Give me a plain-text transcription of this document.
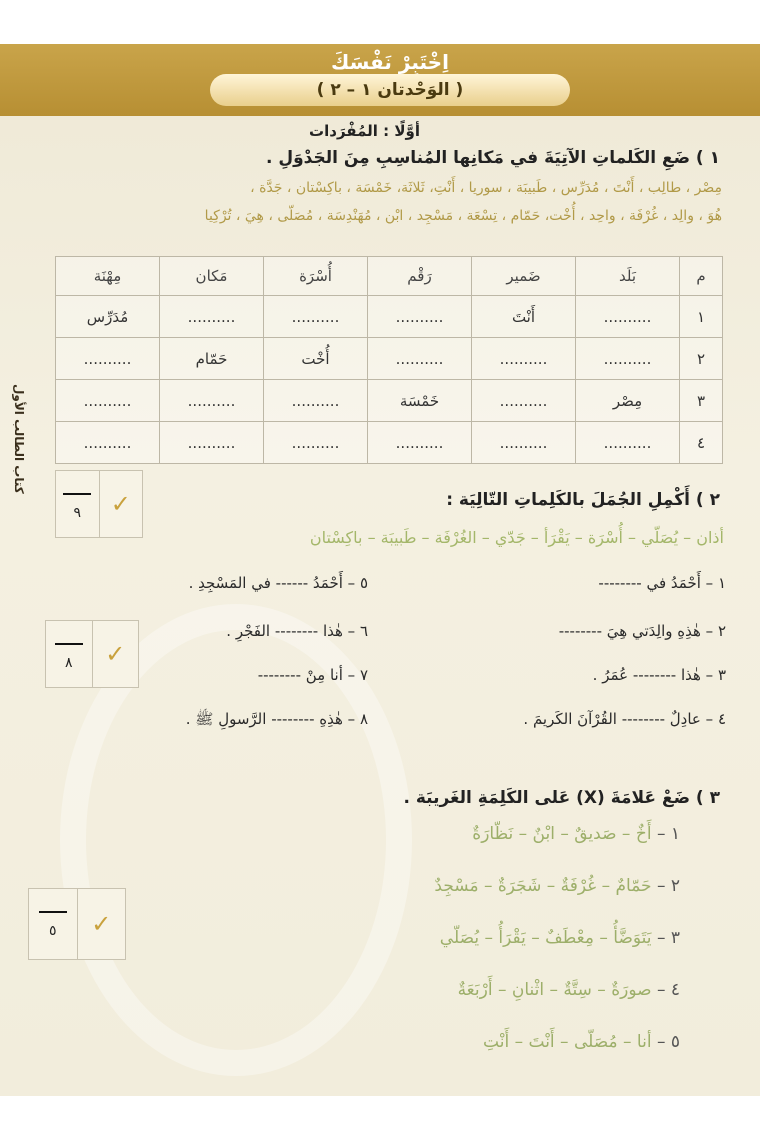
اِخْتَبِرْ نَفْسَكَ
( الوَحْدتان ١ – ٢ )
كتاب الطالب الأول
أوَّلًا : المُفْرَدات
١ ) ضَعِ الكَلماتِ الآتِيَةَ في مَكانِها المُناسِبِ مِنَ الجَدْوَلِ .
مِصْر ، طالِب ، أَنْتَ ، مُدَرِّس ، طَبيبَة ، سوريا ، أَنْتِ، ثَلاثَة، خَمْسَة ، باكِسْتان ، جَدَّة ،
هُوَ ، والِد ، غُرْفَة ، واحِد ، أُخْت، حَمّام ، تِسْعَة ، مَسْجِد ، ابْن ، مُهَنْدِسَة ، مُصَلّى ، هِيَ ، تُرْكِيا
م	بَلَد	ضَمير	رَقْم	أُسْرَة	مَكان	مِهْنَة
١	..........	أَنْتَ	..........	..........	..........	مُدَرِّس
٢	..........	..........	..........	أُخْت	حَمّام	..........
٣	مِصْر	..........	خَمْسَة	..........	..........	..........
٤	..........	..........	..........	..........	..........	..........
٩ ✓	٢ ) أَكْمِلِ الجُمَلَ بالكَلِماتِ التّالِيَة :
أذان – يُصَلّي – أُسْرَة – يَقْرَأ – جَدّي – الغُرْفَة – طَبيبَة – باكِسْتان
١ – أَحْمَدُ في --------
٢ – هٰذِهِ والِدَتي هِيَ --------
٣ – هٰذا -------- عُمَرُ .
٤ – عادِلٌ -------- القُرْآنَ الكَريمَ .
٥ – أَحْمَدُ ------ في المَسْجِدِ .
٦ – هٰذا -------- الفَجْرِ .
٧ – أنا مِنْ --------
٨ – هٰذِهِ -------- الرَّسولِ ﷺ .
٨ ✓
٣ ) ضَعْ عَلامَةَ (X) عَلى الكَلِمَةِ الغَريبَة .
١ – أَخٌ – صَديقٌ – ابْنٌ – نَظّارَةٌ
٢ – حَمّامٌ – غُرْفَةٌ – شَجَرَةٌ – مَسْجِدٌ
٣ – يَتَوَضَّأُ – مِعْطَفٌ – يَقْرَأُ – يُصَلّي
٤ – صورَةٌ – سِتَّةٌ – اثْنانِ – أَرْبَعَةٌ
٥ – أنا – مُصَلّى – أَنْتَ – أَنْتِ
٥ ✓
